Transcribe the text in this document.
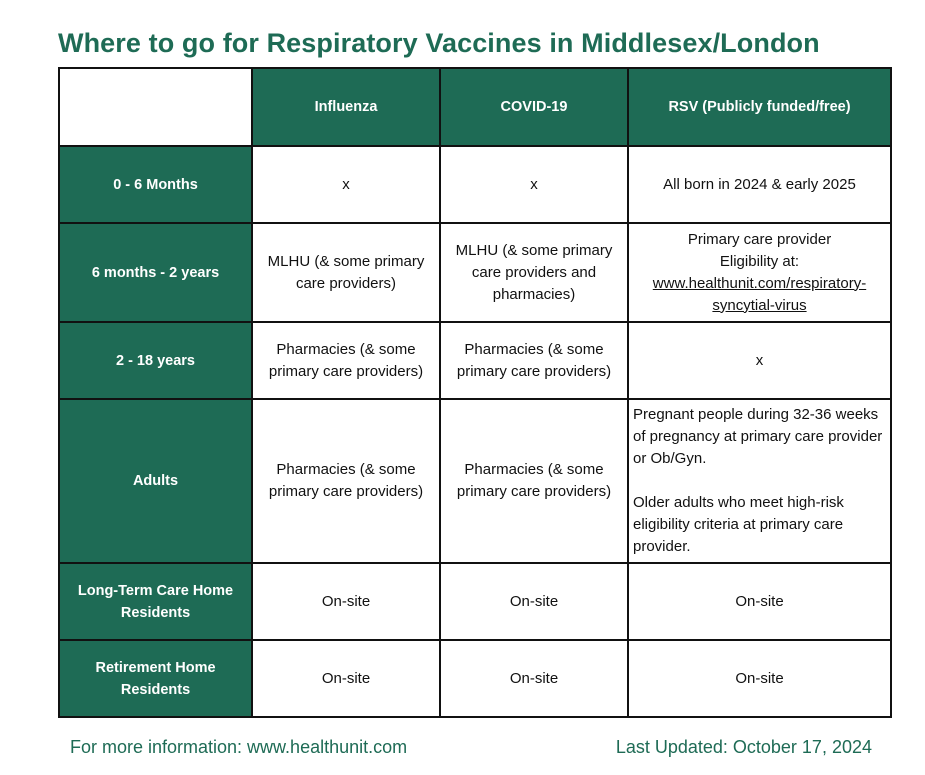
Where to go for Respiratory Vaccines in Middlesex/London
	Influenza	COVID-19	RSV (Publicly funded/free)
0 - 6 Months	x	x	All born in 2024 & early 2025
6 months - 2 years	MLHU (& some primary care providers)	MLHU (& some primary care providers and pharmacies)	Primary care provider
Eligibility at:
www.healthunit.com/respiratory-syncytial-virus

2 - 18 years	Pharmacies (& some primary care providers)	Pharmacies (& some primary care providers)	x
Adults	Pharmacies (& some primary care providers)	Pharmacies (& some primary care providers)	Pregnant people during 32-36 weeks of pregnancy at primary care provider or Ob/Gyn.
Older adults who meet high-risk eligibility criteria at primary care provider.

Long-Term Care Home Residents	On-site	On-site	On-site

Retirement Home Residents	On-site	On-site	On-site
For more information: www.healthunit.com	Last Updated: October 17, 2024
